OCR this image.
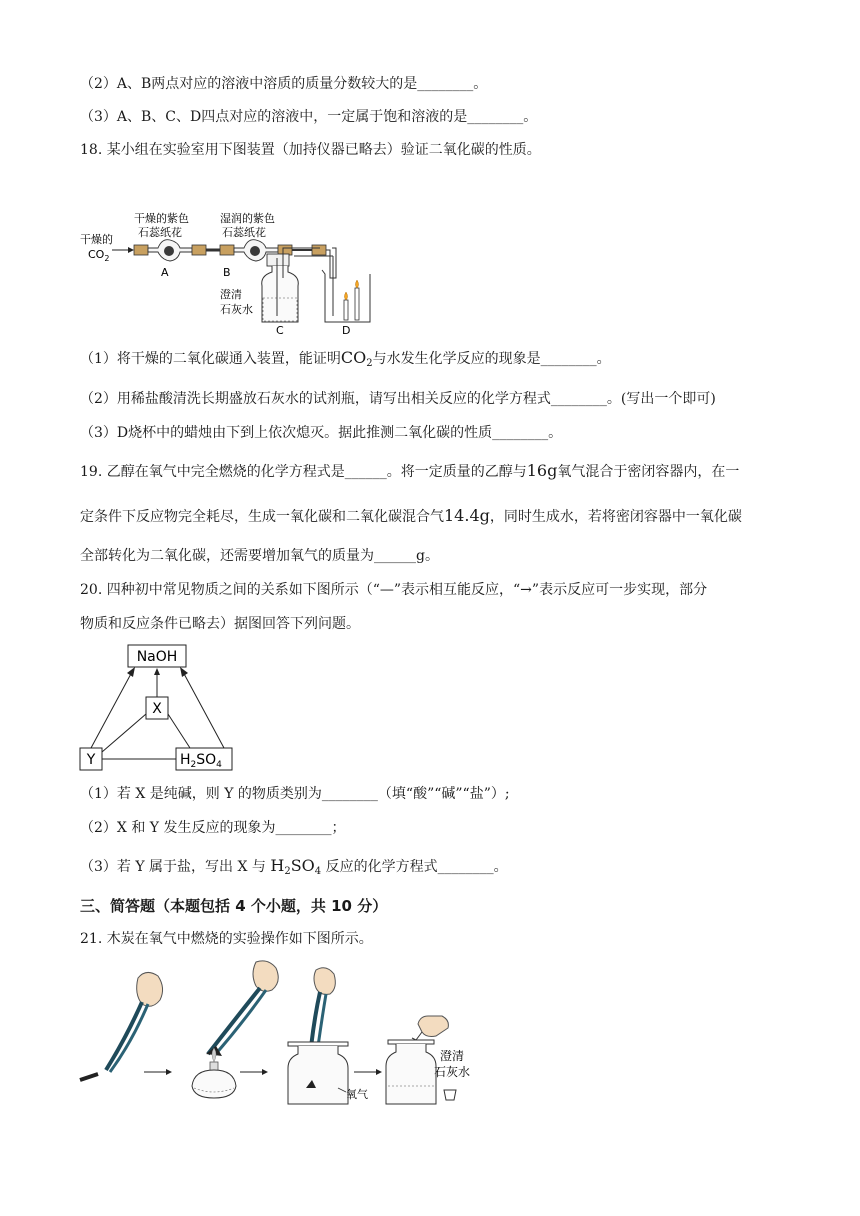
（2）A、B两点对应的溶液中溶质的质量分数较大的是________。
（3）A、B、C、D四点对应的溶液中，一定属于饱和溶液的是________。
18. 某小组在实验室用下图装置（加持仪器已略去）验证二氧化碳的性质。
干燥的
$CO_2$
干燥的紫色
石蕊纸花
A
湿润的紫色
石蕊纸花
B
澄清
石灰水
C	D
（1）将干燥的二氧化碳通入装置，能证明$CO_2$与水发生化学反应的现象是________。
（2）用稀盐酸清洗长期盛放石灰水的试剂瓶，请写出相关反应的化学方程式________。(写出一个即可)
（3）D烧杯中的蜡烛由下到上依次熄灭。据此推测二氧化碳的性质________。
19. 乙醇在氧气中完全燃烧的化学方程式是______。将一定质量的乙醇与16g氧气混合于密闭容器内，在一
定条件下反应物完全耗尽，生成一氧化碳和二氧化碳混合气14.4g，同时生成水，若将密闭容器中一氧化碳
全部转化为二氧化碳，还需要增加氧气的质量为______g。
20. 四种初中常见物质之间的关系如下图所示（“—”表示相互能反应，“→”表示反应可一步实现，部分
物质和反应条件已略去）据图回答下列问题。
NaOH
X
Y	$H_2SO_4$
（1）若 X 是纯碱，则 Y 的物质类别为________（填“酸”“碱”“盐”）;
（2）X 和 Y 发生反应的现象为________；
（3）若 Y 属于盐，写出 X 与 $H_2SO_4$ 反应的化学方程式________。
三、简答题（本题包括 4 个小题，共 10 分）
21. 木炭在氧气中燃烧的实验操作如下图所示。
氧气
澄清
石灰水
